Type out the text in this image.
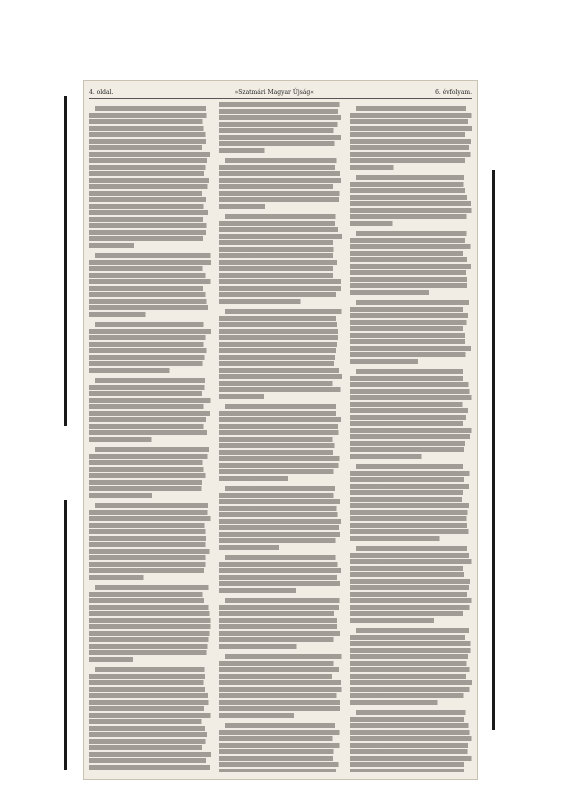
4. oldal.	»Szatmári Magyar Újság«	6. évfolyam.
